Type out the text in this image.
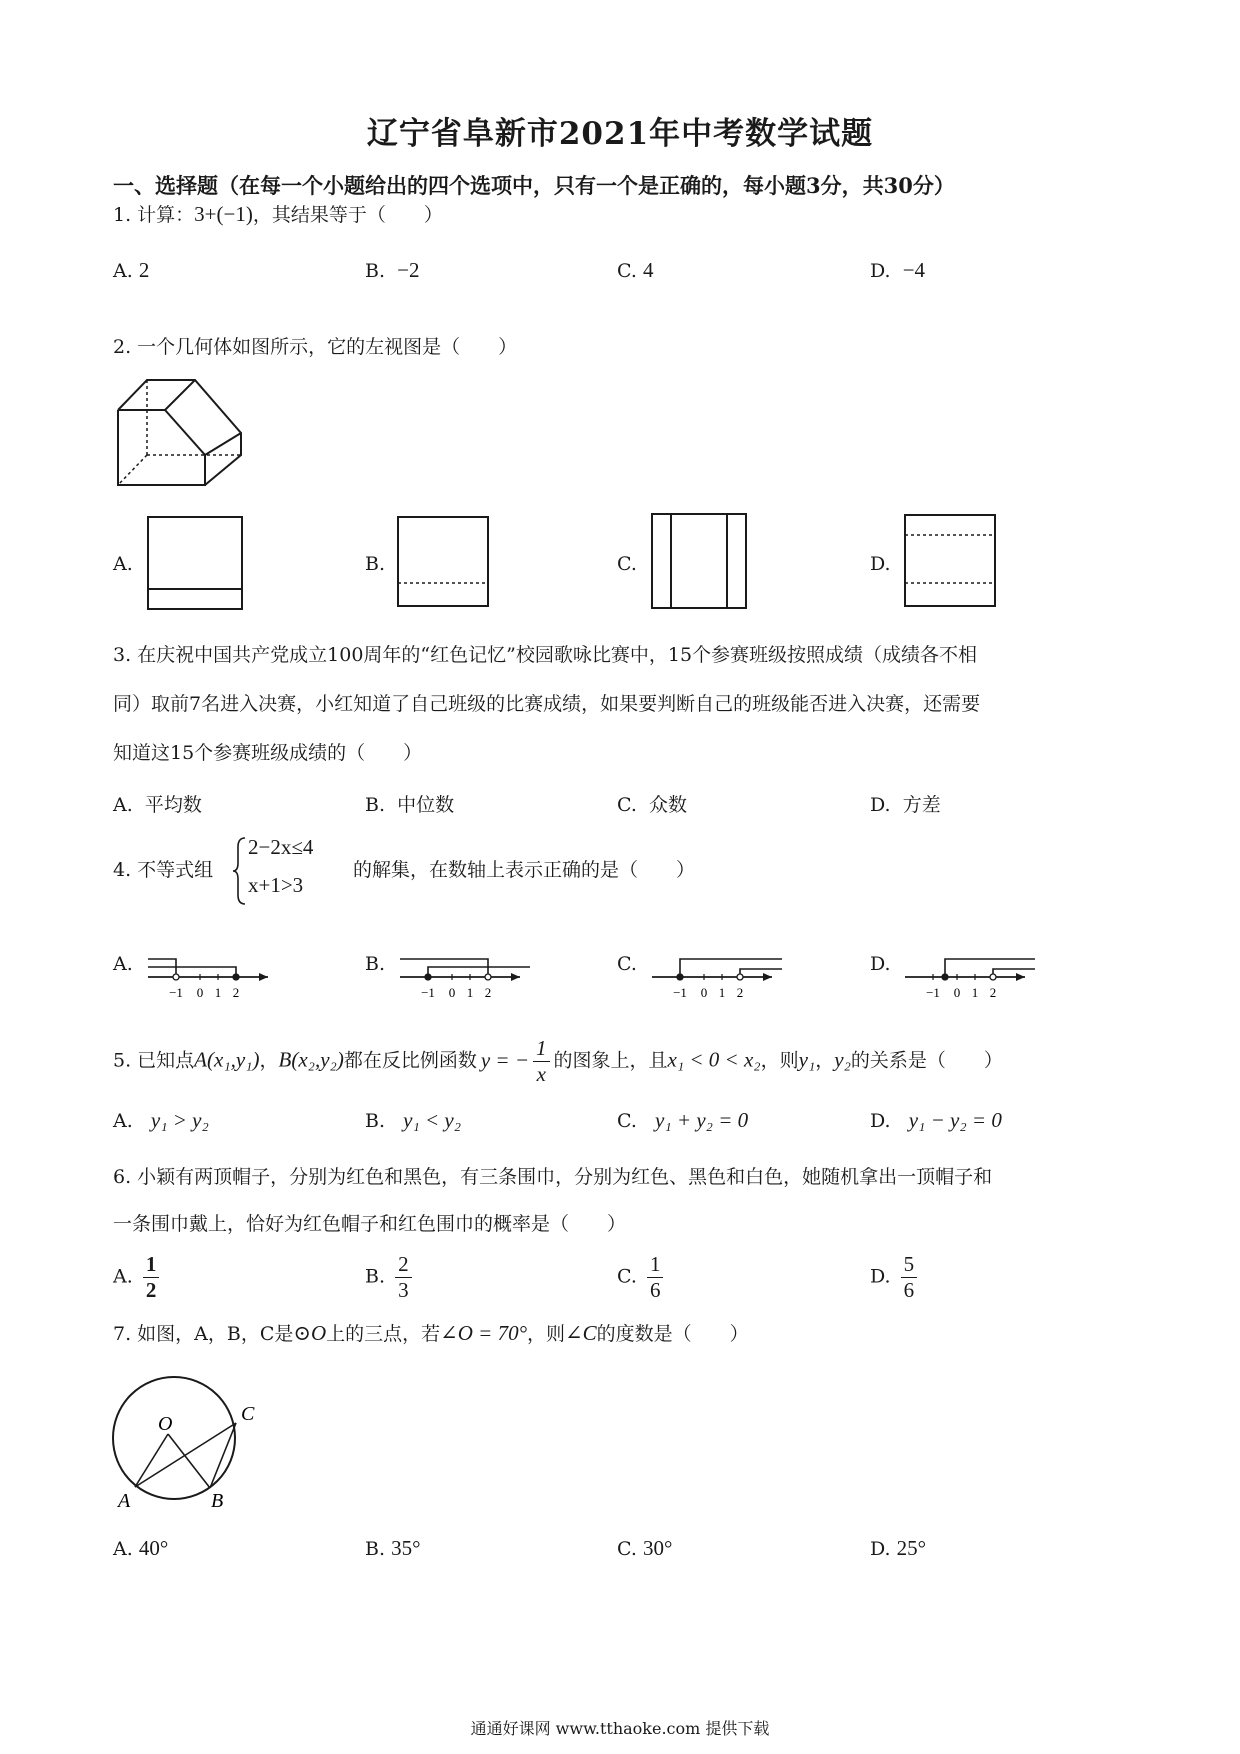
辽宁省阜新市2021年中考数学试题
一、选择题（在每一个小题给出的四个选项中，只有一个是正确的，每小题3分，共30分）
1. 计算：3+(−1)，其结果等于（　　）
A. 2	B. −2	C. 4	D. −4
2. 一个几何体如图所示，它的左视图是（　　）
A.	B.	C.	D.
3. 在庆祝中国共产党成立100周年的“红色记忆”校园歌咏比赛中，15个参赛班级按照成绩（成绩各不相
同）取前7名进入决赛，小红知道了自己班级的比赛成绩，如果要判断自己的班级能否进入决赛，还需要
知道这15个参赛班级成绩的（　　）
A. 平均数	B. 中位数	C. 众数	D. 方差
4. 不等式组
2−2x≤4
x+1>3
的解集，在数轴上表示正确的是（　　）
A.	B.	C.	D.
−1 0 1 2	−1 0 1 2	−1 0 1 2	−1 0 1 2
5. 已知点A(x₁,y₁)，B(x₂,y₂)都在反比例函数 y = − $\frac{1}{x}$ 的图象上，且x₁ < 0 < x₂，则y₁，y₂的关系是（　　）
A. y₁ > y₂	B. y₁ < y₂	C. y₁ + y₂ = 0	D. y₁ − y₂ = 0
6. 小颖有两顶帽子，分别为红色和黑色，有三条围巾，分别为红色、黑色和白色，她随机拿出一顶帽子和
一条围巾戴上，恰好为红色帽子和红色围巾的概率是（　　）
A. $\frac{1}{2}$	B. $\frac{2}{3}$	C. $\frac{1}{6}$	D. $\frac{5}{6}$
7. 如图，A，B，C是⊙O上的三点，若∠O = 70°，则∠C的度数是（　　）
O
A	B
C
A. 40°	B. 35°	C. 30°	D. 25°
通通好课网 www.tthaoke.com 提供下载
